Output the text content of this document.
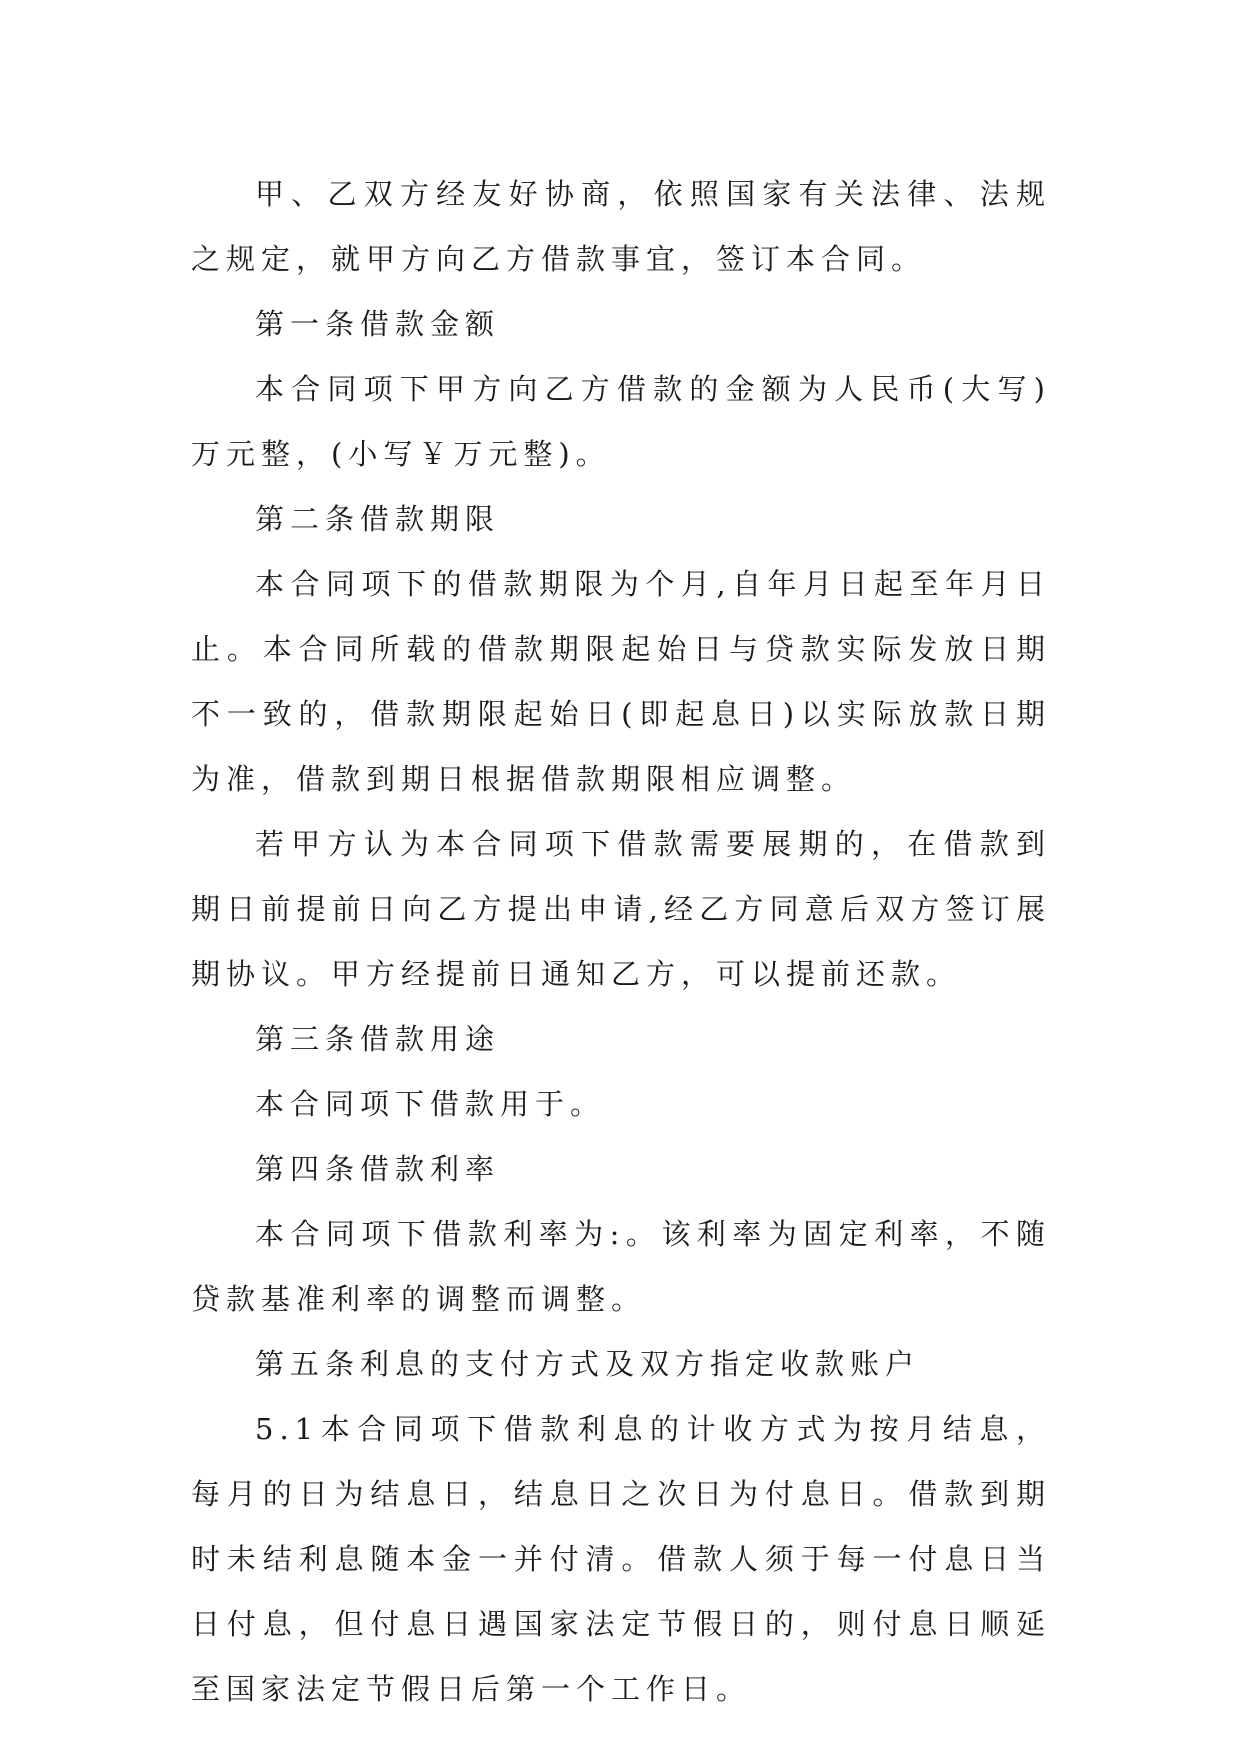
甲、乙双方经友好协商，依照国家有关法律、法规之规定，就甲方向乙方借款事宜，签订本合同。

第一条借款金额

本合同项下甲方向乙方借款的金额为人民币(大写)万元整，(小写￥万元整)。

第二条借款期限

本合同项下的借款期限为个月,自年月日起至年月日止。本合同所载的借款期限起始日与贷款实际发放日期不一致的，借款期限起始日(即起息日)以实际放款日期为准，借款到期日根据借款期限相应调整。

若甲方认为本合同项下借款需要展期的，在借款到期日前提前日向乙方提出申请,经乙方同意后双方签订展期协议。甲方经提前日通知乙方，可以提前还款。

第三条借款用途

本合同项下借款用于。

第四条借款利率

本合同项下借款利率为:。该利率为固定利率，不随贷款基准利率的调整而调整。

第五条利息的支付方式及双方指定收款账户

5.1本合同项下借款利息的计收方式为按月结息，每月的日为结息日，结息日之次日为付息日。借款到期时未结利息随本金一并付清。借款人须于每一付息日当日付息，但付息日遇国家法定节假日的，则付息日顺延至国家法定节假日后第一个工作日。
